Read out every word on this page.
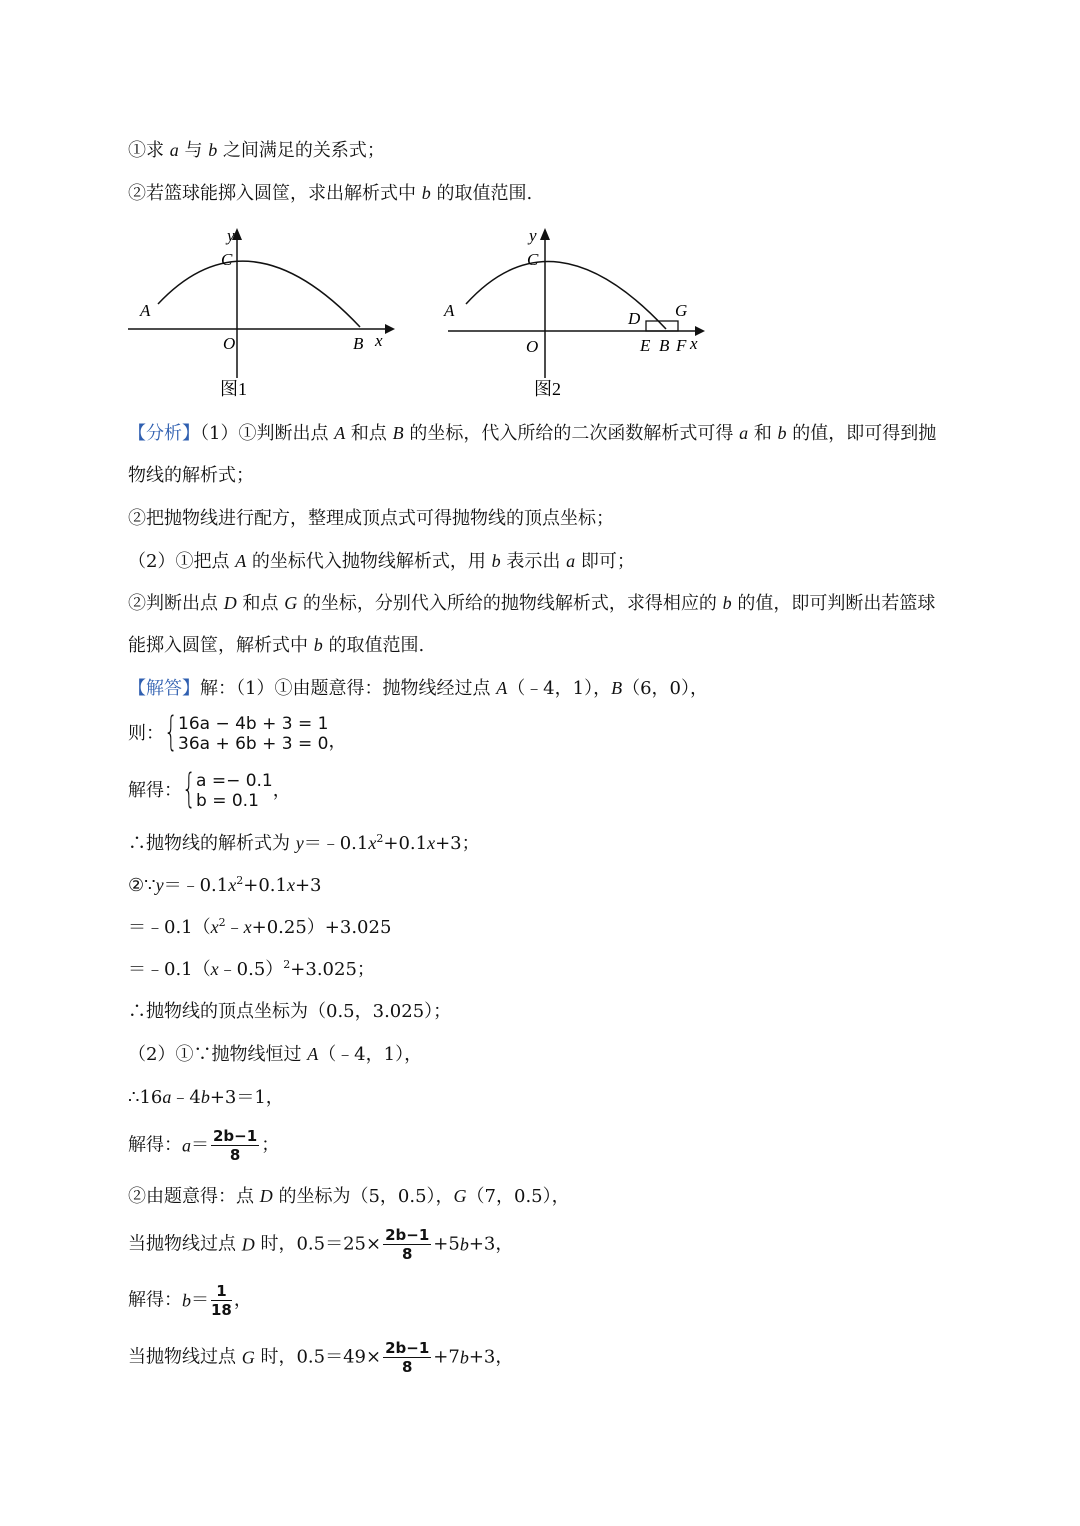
①求 a 与 b 之间满足的关系式；
②若篮球能掷入圆筐，求出解析式中 b 的取值范围.
y
C
A
O	B x
图1
y
C
A
O
D G
E B F x
图2
【分析】（1）①判断出点 A 和点 B 的坐标，代入所给的二次函数解析式可得 a 和 b 的值，即可得到抛
物线的解析式；
②把抛物线进行配方，整理成顶点式可得抛物线的顶点坐标；
（2）①把点 A 的坐标代入抛物线解析式，用 b 表示出 a 即可；
②判断出点 D 和点 G 的坐标，分别代入所给的抛物线解析式，求得相应的 b 的值，即可判断出若篮球
能掷入圆筐，解析式中 b 的取值范围.
【解答】解：（1）①由题意得：抛物线经过点 A（﹣4，1），B（6，0），
则： { 16a − 4b + 3 = 1
36a + 6b + 3 = 0 ，
解得： { a =− 0.1
b = 0.1 ，
∴抛物线的解析式为 $y=﹣0.1x^2+0.1x+3$；
$②\because y=﹣0.1x^2+0.1x+3$
$=﹣0.1(x^2﹣x+0.25)+3.025$
＝﹣0.1（x﹣0.5）$^2$+3.025；
∴抛物线的顶点坐标为（0.5，3.025）；
（2）①∵抛物线恒过 A（﹣4，1），
∴16a﹣4b+3＝1，
解得：$a= \frac{2b-1}{8}$ ；
②由题意得：点 D 的坐标为（5，0.5），G（7，0.5），
当抛物线过点 D 时，$0.5=25\times \frac{2b-1}{8} +5b+3$，
解得：$b= \frac{1}{18}$ ，
当抛物线过点 G 时，$0.5=49\times \frac{2b-1}{8} +7b+3$，
